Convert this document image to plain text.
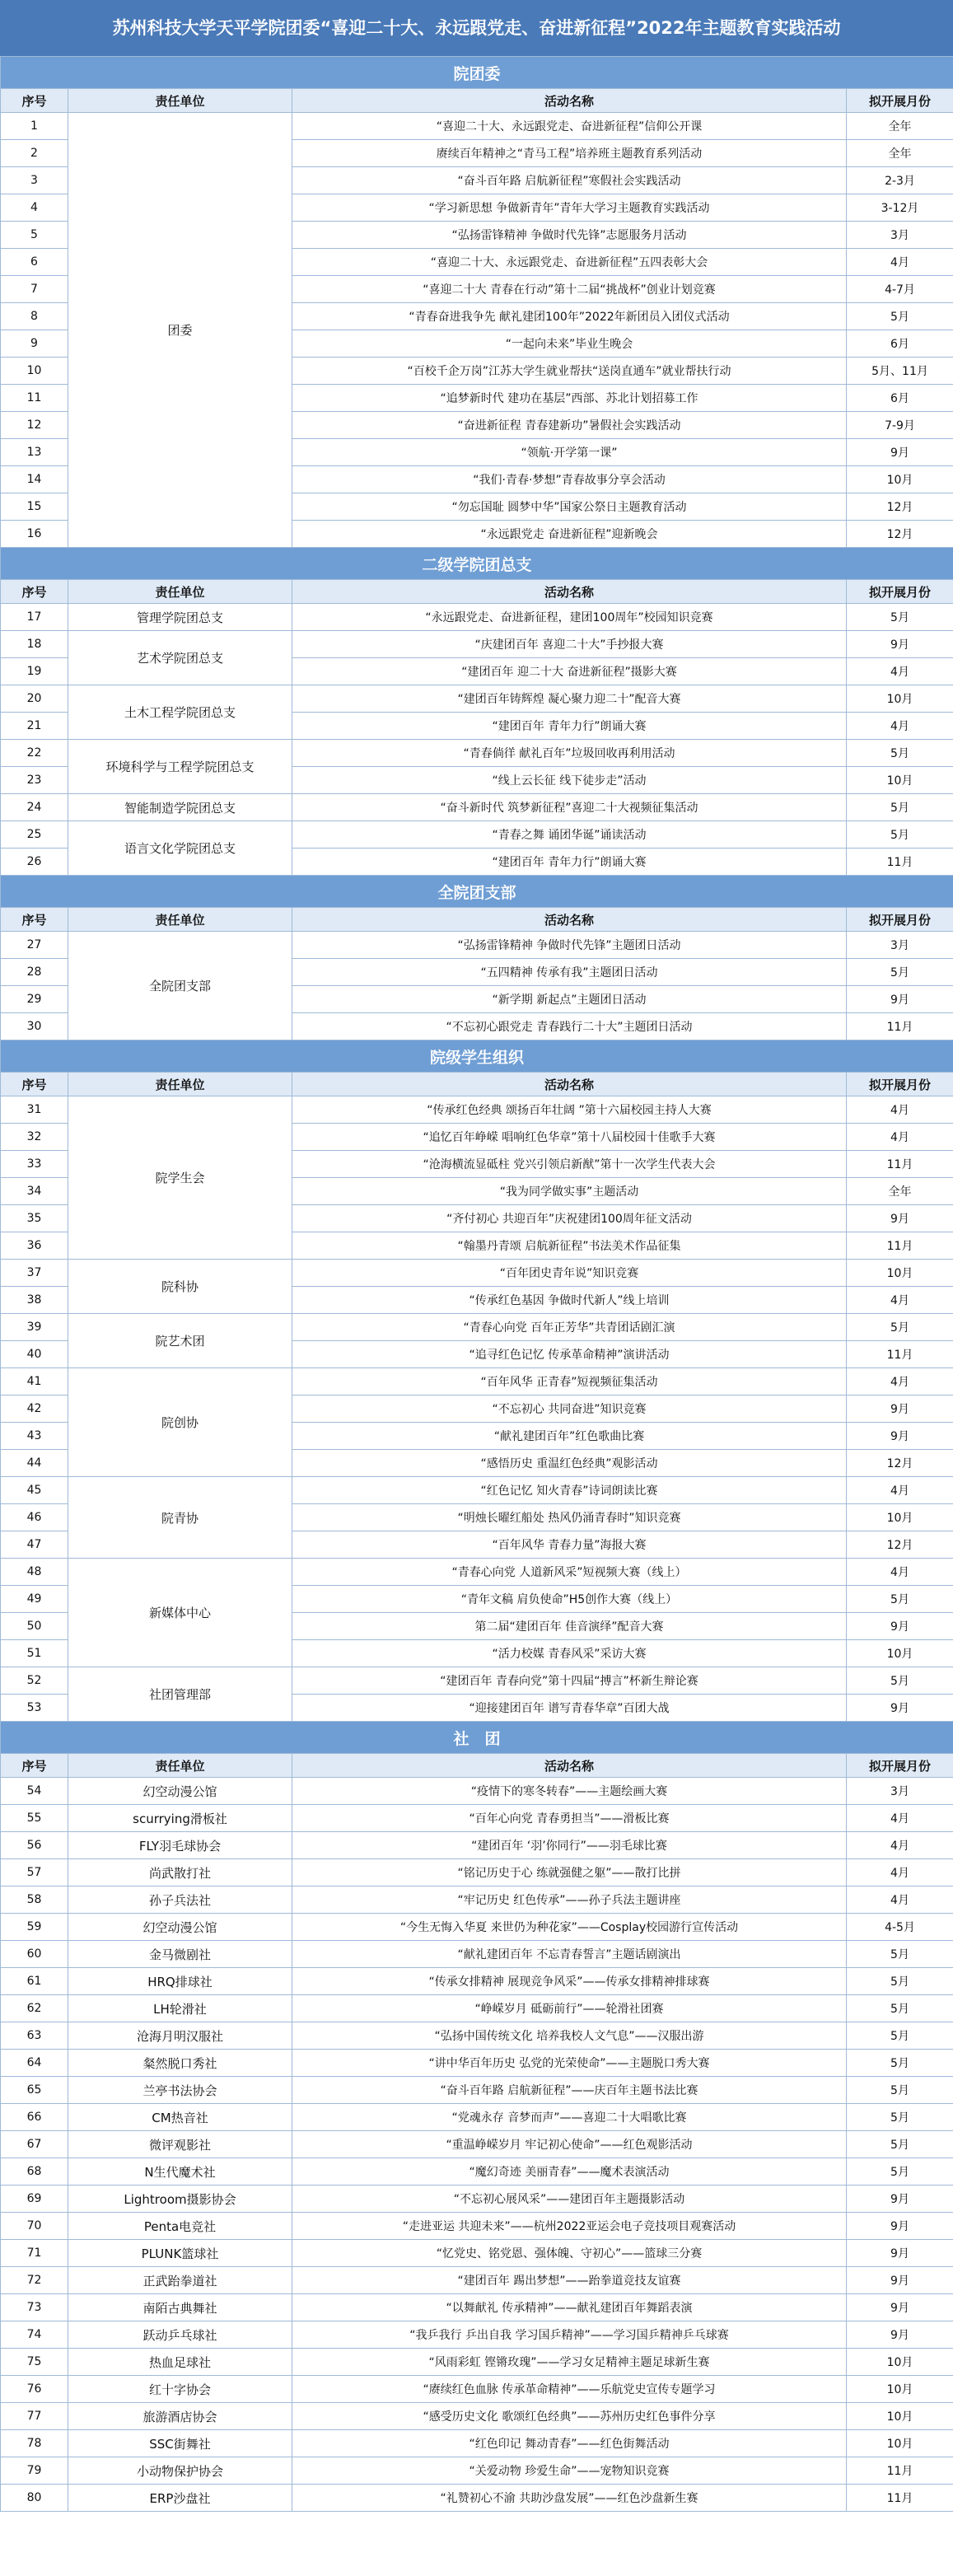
苏州科技大学天平学院团委“喜迎二十大、永远跟党走、奋进新征程”2022年主题教育实践活动
院团委			
序号	责任单位	活动名称	拟开展月份
1	团委	“喜迎二十大、永远跟党走、奋进新征程”信仰公开课	全年
2		赓续百年精神之“青马工程”培养班主题教育系列活动	全年
3		“奋斗百年路 启航新征程”寒假社会实践活动	2-3月
4		“学习新思想 争做新青年”青年大学习主题教育实践活动	3-12月
5		“弘扬雷锋精神 争做时代先锋”志愿服务月活动	3月
6		“喜迎二十大、永远跟党走、奋进新征程”五四表彰大会	4月
7		“喜迎二十大 青春在行动”第十二届“挑战杯”创业计划竞赛	4-7月
8		“青春奋进我争先 献礼建团100年”2022年新团员入团仪式活动	5月
9		“一起向未来”毕业生晚会	6月
10		“百校千企万岗”江苏大学生就业帮扶“送岗直通车”就业帮扶行动	5月、11月
11		“追梦新时代 建功在基层”西部、苏北计划招募工作	6月
12		“奋进新征程 青春建新功”暑假社会实践活动	7-9月
13		“领航·开学第一课”	9月
14		“我们·青春·梦想”青春故事分享会活动	10月
15		“勿忘国耻 圆梦中华”国家公祭日主题教育活动	12月
16		“永远跟党走 奋进新征程”迎新晚会	12月
二级学院团总支			
序号	责任单位	活动名称	拟开展月份
17	管理学院团总支	“永远跟党走、奋进新征程，建团100周年”校园知识竞赛	5月
18	艺术学院团总支	“庆建团百年 喜迎二十大”手抄报大赛	9月
19		“建团百年 迎二十大 奋进新征程”摄影大赛	4月
20	土木工程学院团总支	“建团百年铸辉煌 凝心聚力迎二十”配音大赛	10月
21		“建团百年 青年力行”朗诵大赛	4月
22	环境科学与工程学院团总支	“青春倘徉 献礼百年”垃圾回收再利用活动	5月
23		“线上云长征 线下徒步走”活动	10月
24	智能制造学院团总支	“奋斗新时代 筑梦新征程”喜迎二十大视频征集活动	5月
25	语言文化学院团总支	“青春之舞 诵团华诞”诵读活动	5月
26		“建团百年 青年力行”朗诵大赛	11月
全院团支部			
序号	责任单位	活动名称	拟开展月份
27	全院团支部	“弘扬雷锋精神 争做时代先锋”主题团日活动	3月
28		“五四精神 传承有我”主题团日活动	5月
29		“新学期 新起点”主题团日活动	9月
30		“不忘初心跟党走 青春践行二十大”主题团日活动	11月
院级学生组织			
序号	责任单位	活动名称	拟开展月份
31	院学生会	“传承红色经典 颂扬百年壮阔 ”第十六届校园主持人大赛	4月
32		“追忆百年峥嵘 唱响红色华章”第十八届校园十佳歌手大赛	4月
33		“沧海横流显砥柱 党兴引领启新猷”第十一次学生代表大会	11月
34		“我为同学做实事”主题活动	全年
35		“齐付初心 共迎百年”庆祝建团100周年征文活动	9月
36		“翰墨丹青颂 启航新征程”书法美术作品征集	11月
37	院科协	“百年团史青年说”知识竞赛	10月
38		“传承红色基因 争做时代新人”线上培训	4月
39	院艺术团	“青春心向党 百年正芳华”共青团话剧汇演	5月
40		“追寻红色记忆 传承革命精神”演讲活动	11月
41	院创协	“百年风华 正青春”短视频征集活动	4月
42		“不忘初心 共同奋进”知识竞赛	9月
43		“献礼建团百年”红色歌曲比赛	9月
44		“感悟历史 重温红色经典”观影活动	12月
45	院青协	“红色记忆 知火青春”诗词朗读比赛	4月
46		“明烛长曜红船处 热风仍涌青春时”知识竞赛	10月
47		“百年风华 青春力量”海报大赛	12月
48	新媒体中心	“青春心向党 人道新风采”短视频大赛（线上）	4月
49		“青年文稿 肩负使命”H5创作大赛（线上）	5月
50		第二届“建团百年 佳音演绎”配音大赛	9月
51		“活力校媒 青春风采”采访大赛	10月
52	社团管理部	“建团百年 青春向党”第十四届“搏言”杯新生辩论赛	5月
53		“迎接建团百年 谱写青春华章”百团大战	9月
社　团			
序号	责任单位	活动名称	拟开展月份
54	幻空动漫公馆	“疫情下的寒冬转春”——主题绘画大赛	3月
55	scurrying滑板社	“百年心向党 青春勇担当”——滑板比赛	4月
56	FLY羽毛球协会	“建团百年 ‘羽’你同行”——羽毛球比赛	4月
57	尚武散打社	“铭记历史于心 练就强健之躯”——散打比拼	4月
58	孙子兵法社	“牢记历史 红色传承”——孙子兵法主题讲座	4月
59	幻空动漫公馆	“今生无悔入华夏 来世仍为种花家”——Cosplay校园游行宣传活动	4-5月
60	金马微剧社	“献礼建团百年 不忘青春誓言”主题话剧演出	5月
61	HRQ排球社	“传承女排精神 展现竞争风采”——传承女排精神排球赛	5月
62	LH轮滑社	“峥嵘岁月 砥砺前行”——轮滑社团赛	5月
63	沧海月明汉服社	“弘扬中国传统文化 培养我校人文气息”——汉服出游	5月
64	粲然脱口秀社	“讲中华百年历史 弘党的光荣使命”——主题脱口秀大赛	5月
65	兰亭书法协会	“奋斗百年路 启航新征程”——庆百年主题书法比赛	5月
66	CM热音社	“党魂永存 音梦而声”——喜迎二十大唱歌比赛	5月
67	微评观影社	“重温峥嵘岁月 牢记初心使命”——红色观影活动	5月
68	N生代魔术社	“魔幻奇迹 美丽青春”——魔术表演活动	5月
69	Lightroom摄影协会	“不忘初心展风采”——建团百年主题摄影活动	9月
70	Penta电竞社	“走进亚运 共迎未来”——杭州2022亚运会电子竞技项目观赛活动	9月
71	PLUNK篮球社	“忆党史、铭党恩、强体魄、守初心”——篮球三分赛	9月
72	正武跆拳道社	“建团百年 踢出梦想”——跆拳道竞技友谊赛	9月
73	南陌古典舞社	“以舞献礼 传承精神”——献礼建团百年舞蹈表演	9月
74	跃动乒乓球社	“我乒我行 乒出自我 学习国乒精神”——学习国乒精神乒乓球赛	9月
75	热血足球社	“风雨彩虹 铿锵玫瑰”——学习女足精神主题足球新生赛	10月
76	红十字协会	“赓续红色血脉 传承革命精神”——乐航党史宣传专题学习	10月
77	旅游酒店协会	“感受历史文化 歌颂红色经典”——苏州历史红色事件分享	10月
78	SSC街舞社	“红色印记 舞动青春”——红色街舞活动	10月
79	小动物保护协会	“关爱动物 珍爱生命”——宠物知识竞赛	11月
80	ERP沙盘社	“礼赞初心不渝 共助沙盘发展”——红色沙盘新生赛	11月
